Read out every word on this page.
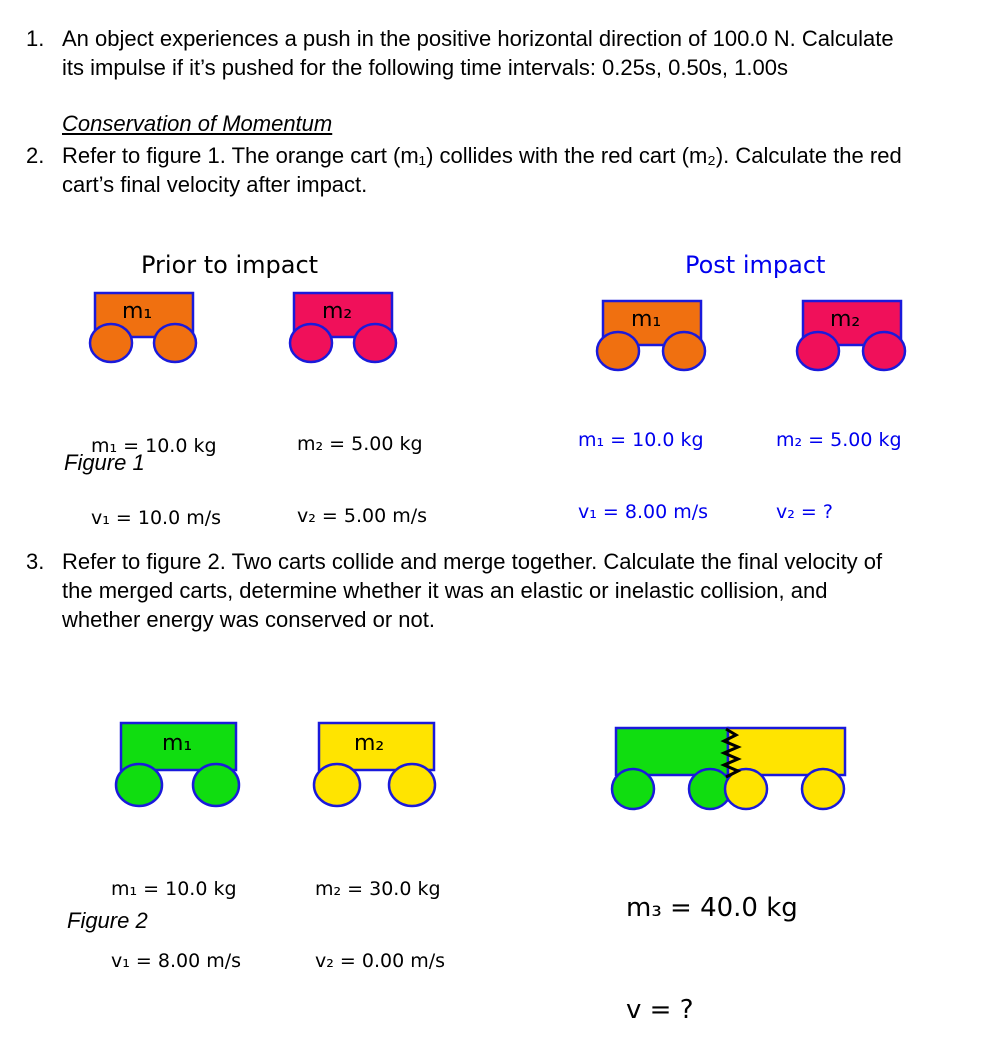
1. An object experiences a push in the positive horizontal direction of 100.0 N. Calculate
its impulse if it’s pushed for the following time intervals: 0.25s, 0.50s, 1.00s
Conservation of Momentum
2. Refer to figure 1. The orange cart (m₁) collides with the red cart (m₂). Calculate the red
cart’s final velocity after impact.
Prior to impact	Post impact
m₁	m₂	m₁	m₂
m₁	m₂

m₁ = 10.0 kg

v₁ = 10.0 m/s

m₂ = 5.00 kg

v₂ = 5.00 m/s

m₁ = 10.0 kg

v₁ = 8.00 m/s

m₂ = 5.00 kg

v₂ = ?

Figure 1
3. Refer to figure 2. Two carts collide and merge together. Calculate the final velocity of
the merged carts, determine whether it was an elastic or inelastic collision, and
whether energy was conserved or not.

m₁ = 10.0 kg

v₁ = 8.00 m/s

m₂ = 30.0 kg

v₂ = 0.00 m/s

m₃ = 40.0 kg

v = ?

Figure 2
